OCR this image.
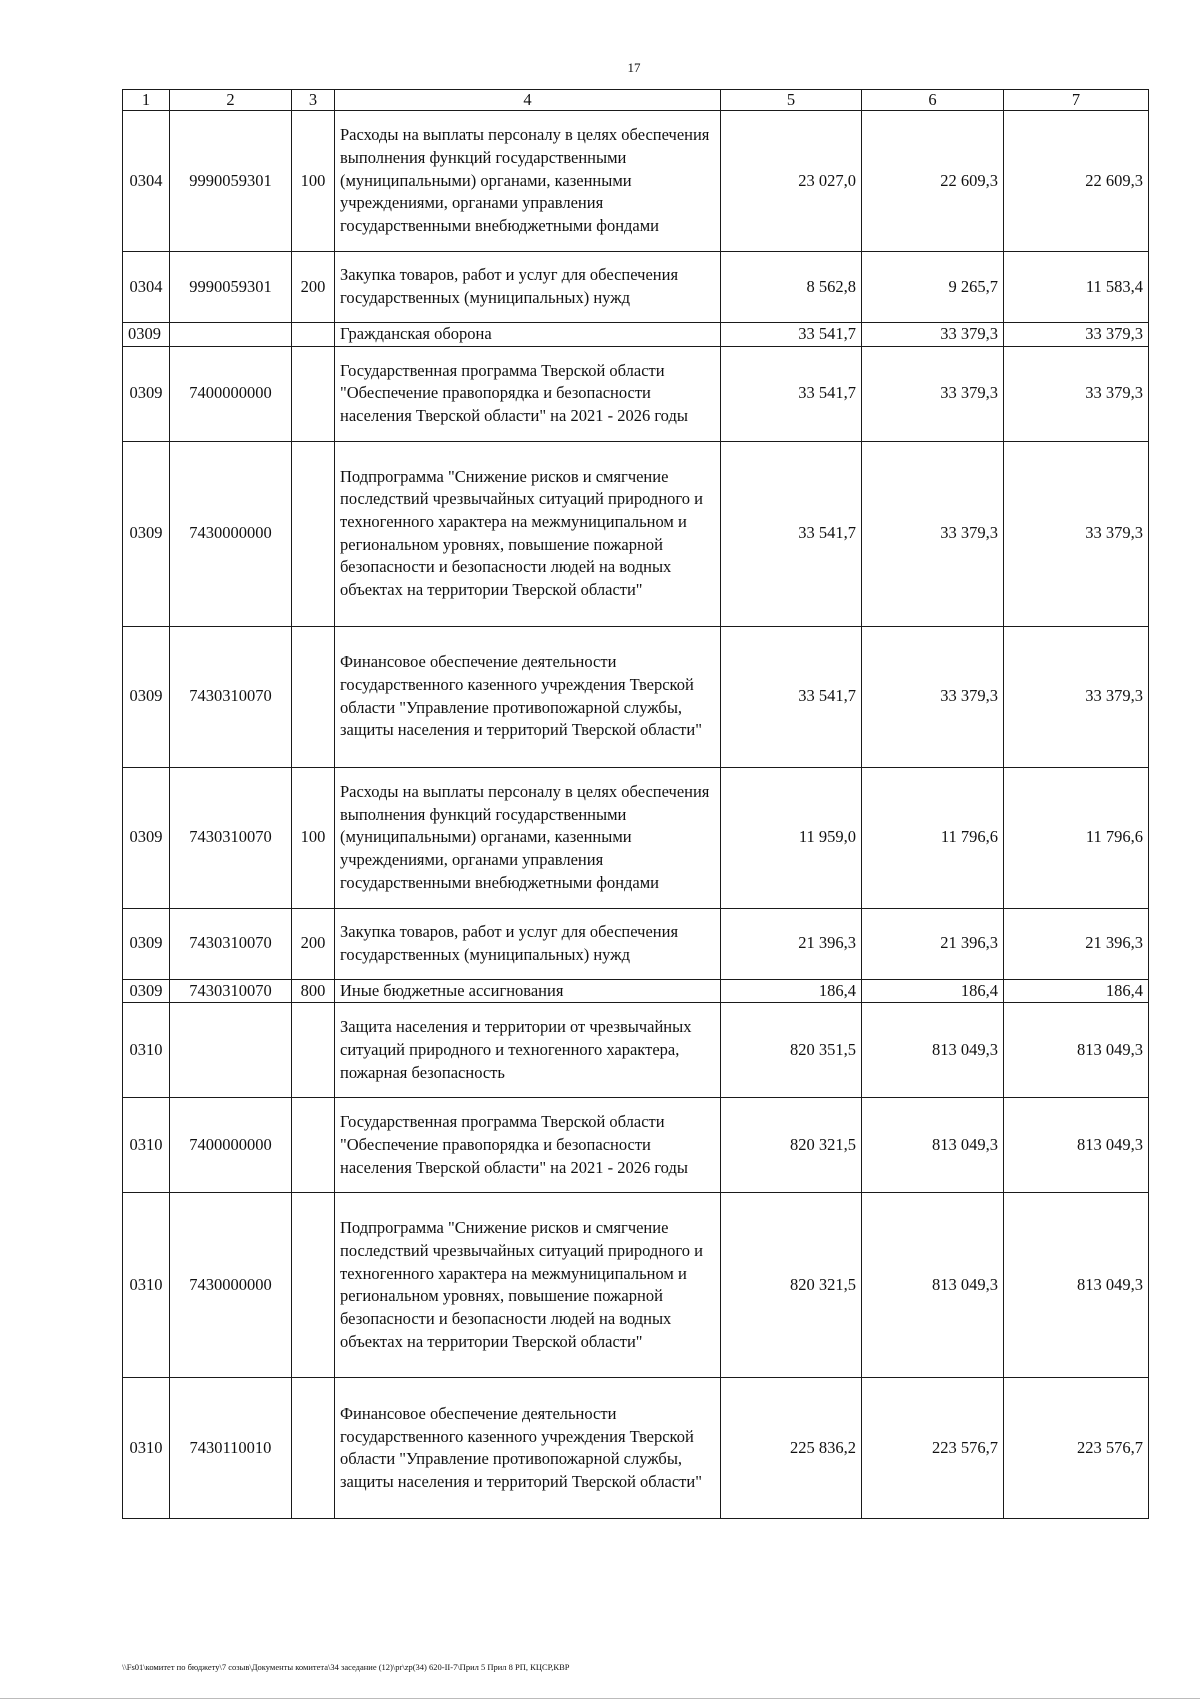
17
1	2	3	4	5	6	7
0304	9990059301	100	Расходы на выплаты персоналу в целях обеспечения выполнения функций государственными (муниципальными) органами, казенными учреждениями, органами управления государственными внебюджетными фондами	23 027,0	22 609,3	22 609,3
0304	9990059301	200	Закупка товаров, работ и услуг для обеспечения государственных (муниципальных) нужд	8 562,8	9 265,7	11 583,4
0309			Гражданская оборона	33 541,7	33 379,3	33 379,3
0309	7400000000		Государственная программа Тверской области "Обеспечение правопорядка и безопасности населения Тверской области" на 2021 - 2026 годы	33 541,7	33 379,3	33 379,3
0309	7430000000		Подпрограмма "Снижение рисков и смягчение последствий чрезвычайных ситуаций природного и техногенного характера на межмуниципальном и региональном уровнях, повышение пожарной безопасности и безопасности людей на водных объектах на территории Тверской области"	33 541,7	33 379,3	33 379,3
0309	7430310070		Финансовое обеспечение деятельности государственного казенного учреждения Тверской области "Управление противопожарной службы, защиты населения и территорий Тверской области"	33 541,7	33 379,3	33 379,3
0309	7430310070	100	Расходы на выплаты персоналу в целях обеспечения выполнения функций государственными (муниципальными) органами, казенными учреждениями, органами управления государственными внебюджетными фондами	11 959,0	11 796,6	11 796,6
0309	7430310070	200	Закупка товаров, работ и услуг для обеспечения государственных (муниципальных) нужд	21 396,3	21 396,3	21 396,3
0309	7430310070	800	Иные бюджетные ассигнования	186,4	186,4	186,4
0310			Защита населения и территории от чрезвычайных ситуаций природного и техногенного характера, пожарная безопасность	820 351,5	813 049,3	813 049,3
0310	7400000000		Государственная программа Тверской области "Обеспечение правопорядка и безопасности населения Тверской области" на 2021 - 2026 годы	820 321,5	813 049,3	813 049,3
0310	7430000000		Подпрограмма "Снижение рисков и смягчение последствий чрезвычайных ситуаций природного и техногенного характера на межмуниципальном и региональном уровнях, повышение пожарной безопасности и безопасности людей на водных объектах на территории Тверской области"	820 321,5	813 049,3	813 049,3
0310	7430110010		Финансовое обеспечение деятельности государственного казенного учреждения Тверской области "Управление противопожарной службы, защиты населения и территорий Тверской области"	225 836,2	223 576,7	223 576,7
\\Fs01\комитет по бюджету\7 созыв\Документы комитета\34 заседание (12)\pr\zp(34) 620-II-7\Прил 5 Прил 8 РП, КЦСР,КВР
